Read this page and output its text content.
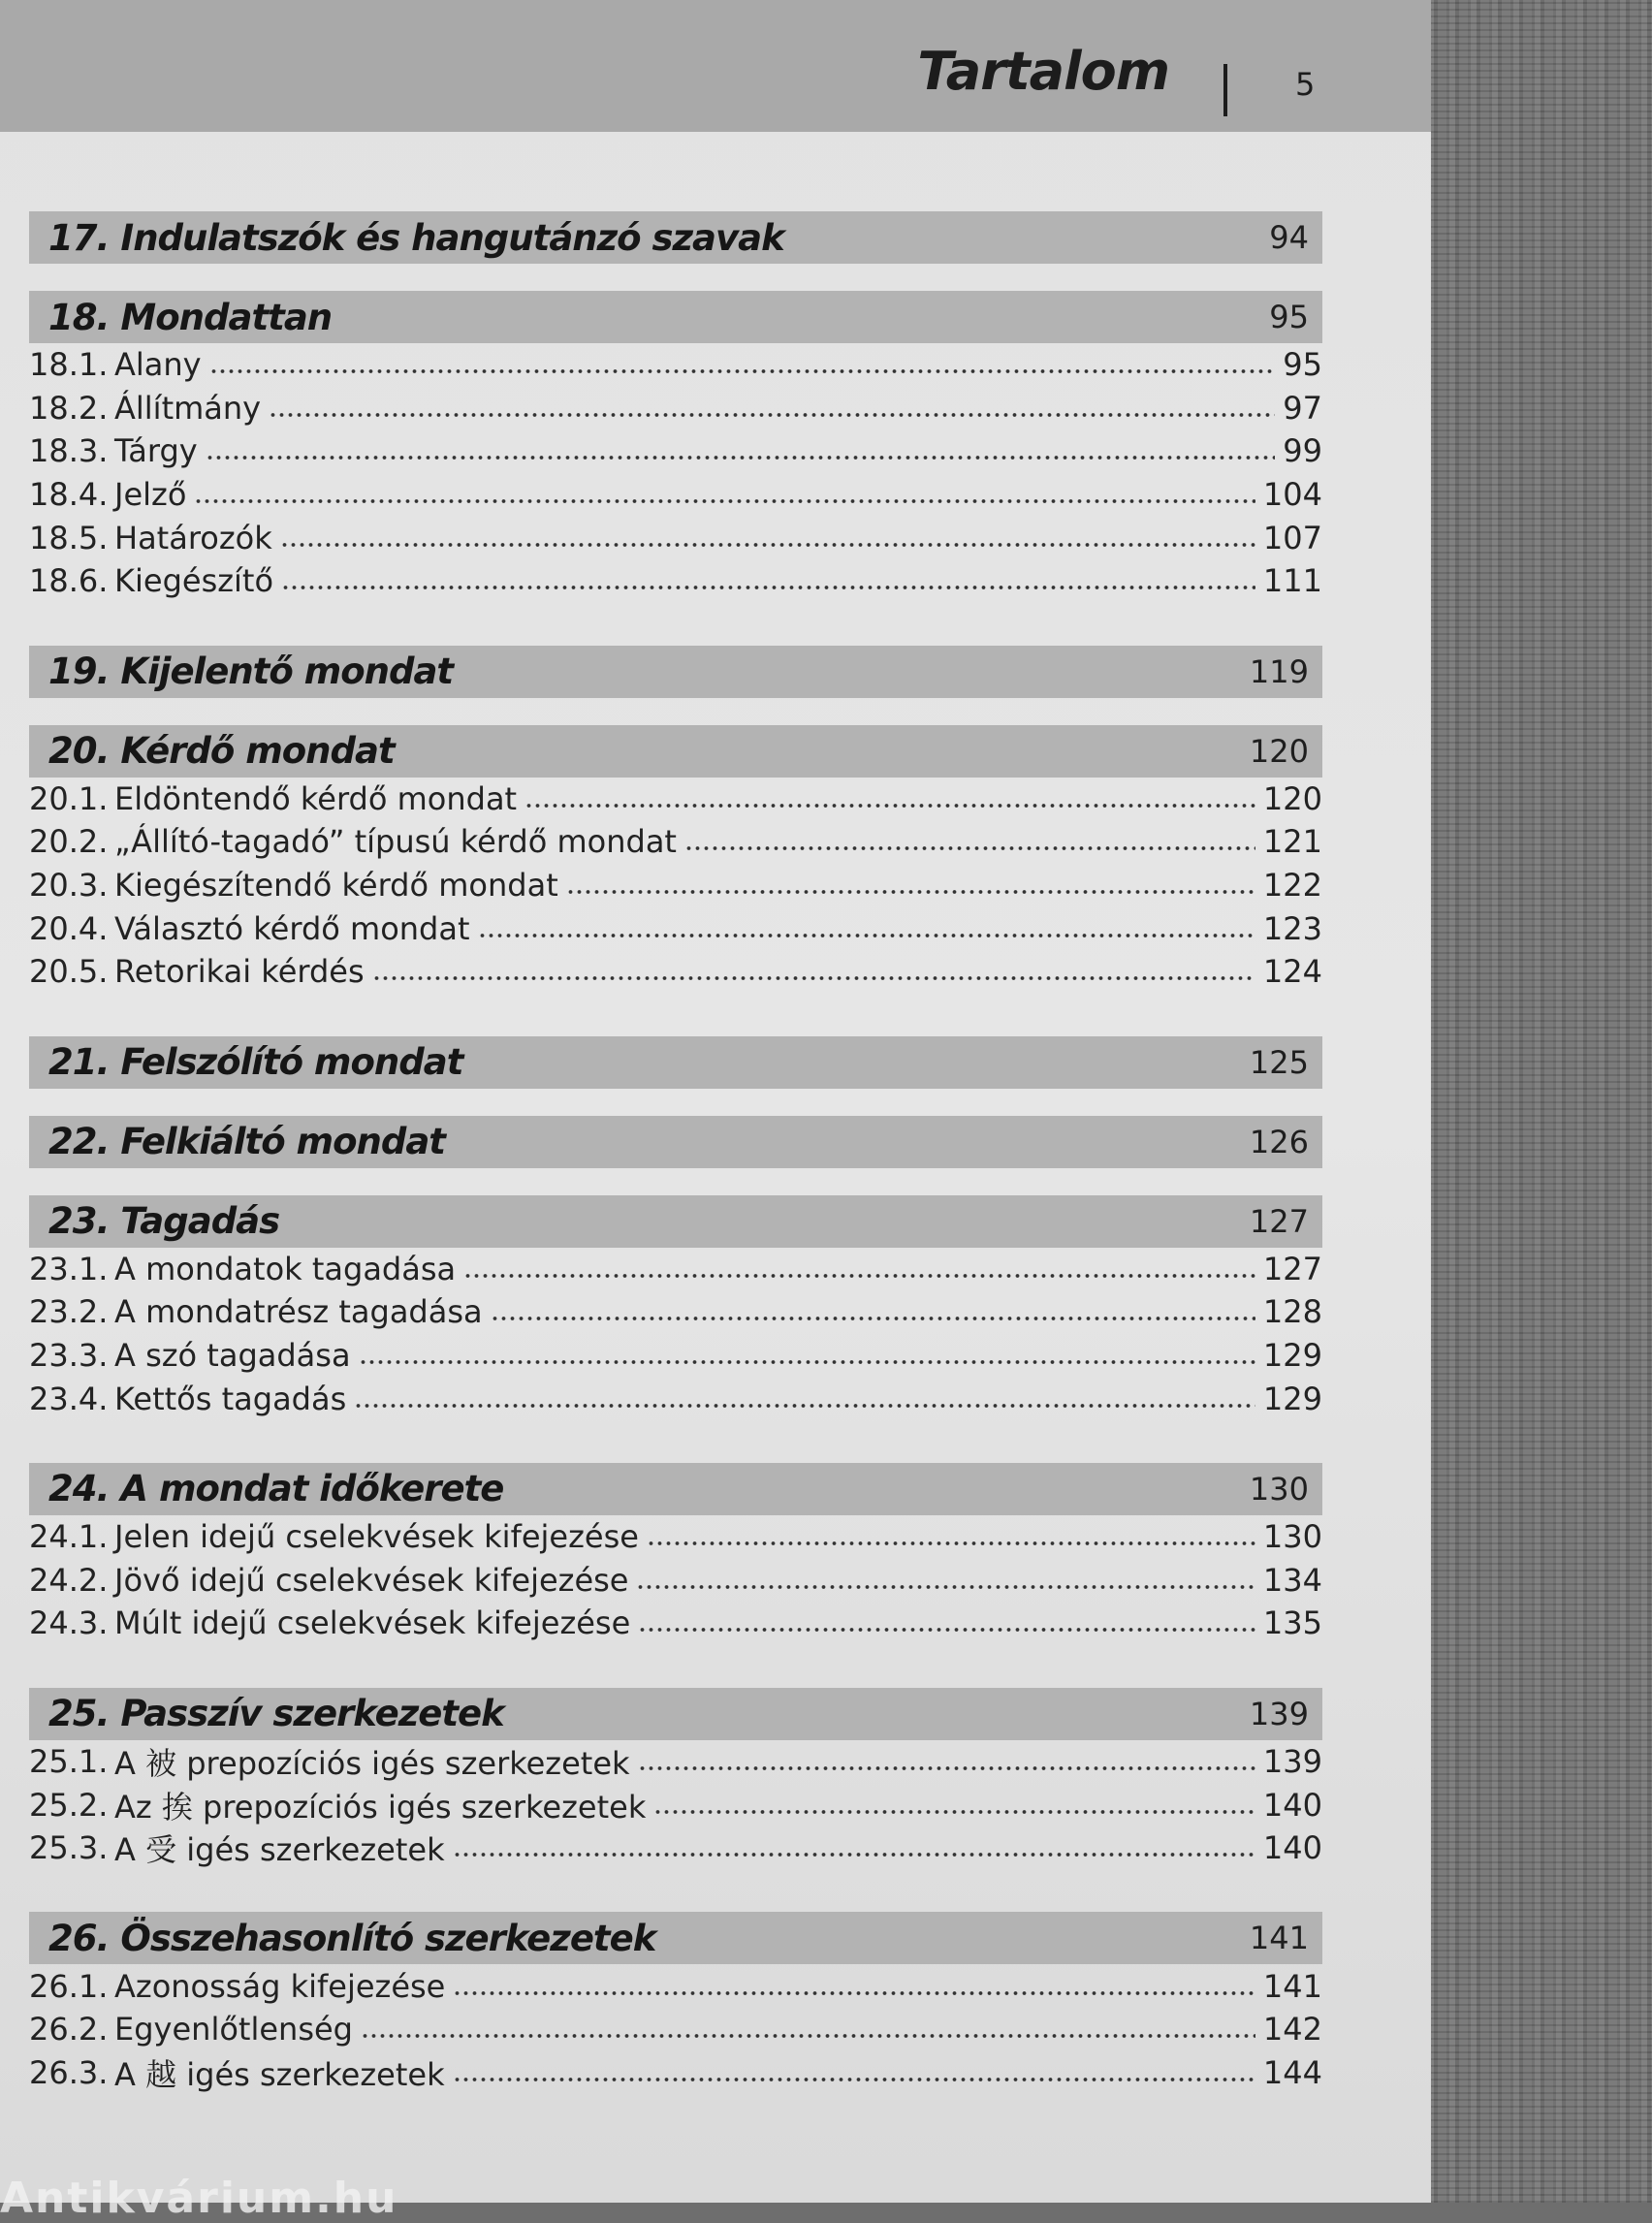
Tartalom	5
17. Indulatszók és hangutánzó szavak	94
18. Mondattan	95
18.1. Alany	95
18.2. Állítmány	97
18.3. Tárgy	99
18.4. Jelző	104
18.5. Határozók	107
18.6. Kiegészítő	111
19. Kijelentő mondat	119
20. Kérdő mondat	120
20.1. Eldöntendő kérdő mondat	120
20.2. „Állító-tagadó” típusú kérdő mondat	121
20.3. Kiegészítendő kérdő mondat	122
20.4. Választó kérdő mondat	123
20.5. Retorikai kérdés	124
21. Felszólító mondat	125
22. Felkiáltó mondat	126
23. Tagadás	127
23.1. A mondatok tagadása	127
23.2. A mondatrész tagadása	128
23.3. A szó tagadása	129
23.4. Kettős tagadás	129
24. A mondat időkerete	130
24.1. Jelen idejű cselekvések kifejezése	130
24.2. Jövő idejű cselekvések kifejezése	134
24.3. Múlt idejű cselekvések kifejezése	135
25. Passzív szerkezetek	139
25.1. A 被 prepozíciós igés szerkezetek	139
25.2. Az 挨 prepozíciós igés szerkezetek	140
25.3. A 受 igés szerkezetek	140
26. Összehasonlító szerkezetek	141
26.1. Azonosság kifejezése	141
26.2. Egyenlőtlenség	142
26.3. A 越 igés szerkezetek	144
Antikvárium.hu
